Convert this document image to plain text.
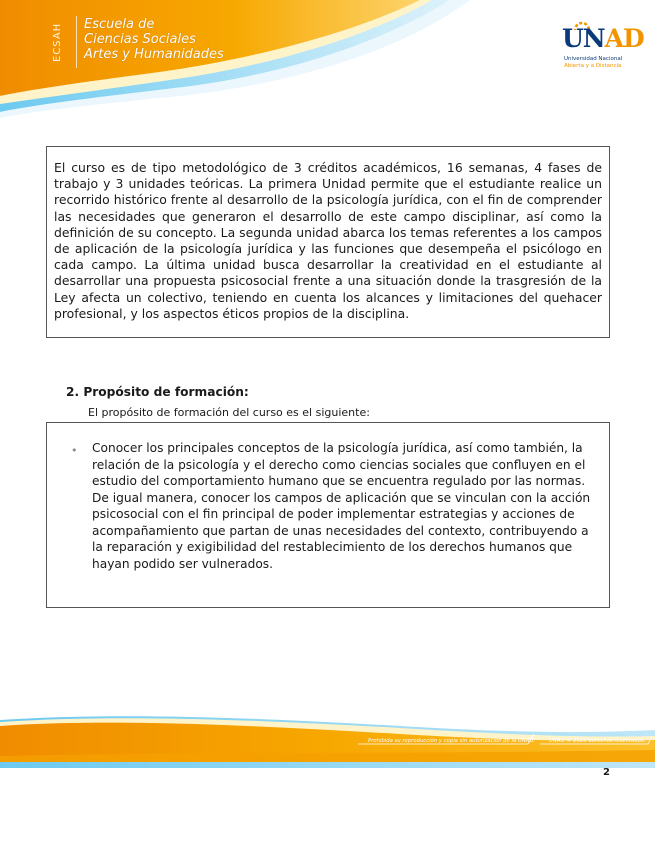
ECSAH	Escuela de
Ciencias Sociales
Artes y Humanidades
UNAD
Universidad Nacional
Abierta y a Distancia
El curso es de tipo metodológico de 3 créditos académicos, 16 semanas, 4 fases de trabajo y 3 unidades teóricas. La primera Unidad permite que el estudiante realice un recorrido histórico frente al desarrollo de la psicología jurídica, con el fin de comprender las necesidades que generaron el desarrollo de este campo disciplinar, así como la definición de su concepto. La segunda unidad abarca los temas referentes a los campos de aplicación de la psicología jurídica y las funciones que desempeña el psicólogo en cada campo. La última unidad busca desarrollar la creatividad en el estudiante al desarrollar una propuesta psicosocial frente a una situación donde la trasgresión de la Ley afecta un colectivo, teniendo en cuenta los alcances y limitaciones del quehacer profesional, y los aspectos éticos propios de la disciplina.
2. Propósito de formación:
El propósito de formación del curso es el siguiente:
• Conocer los principales conceptos de la psicología jurídica, así como también, la relación de la psicología y el derecho como ciencias sociales que confluyen en el estudio del comportamiento humano que se encuentra regulado por las normas. De igual manera, conocer los campos de aplicación que se vinculan con la acción psicosocial con el fin principal de poder implementar estrategias y acciones de acompañamiento que partan de unas necesidades del contexto, contribuyendo a la reparación y exigibilidad del restablecimiento de los derechos humanos que hayan podido ser vulnerados.
Prohibida su reproducción y copia sin autorización de la UNAD.	UNAD © 2020 derechos reservados.
2
